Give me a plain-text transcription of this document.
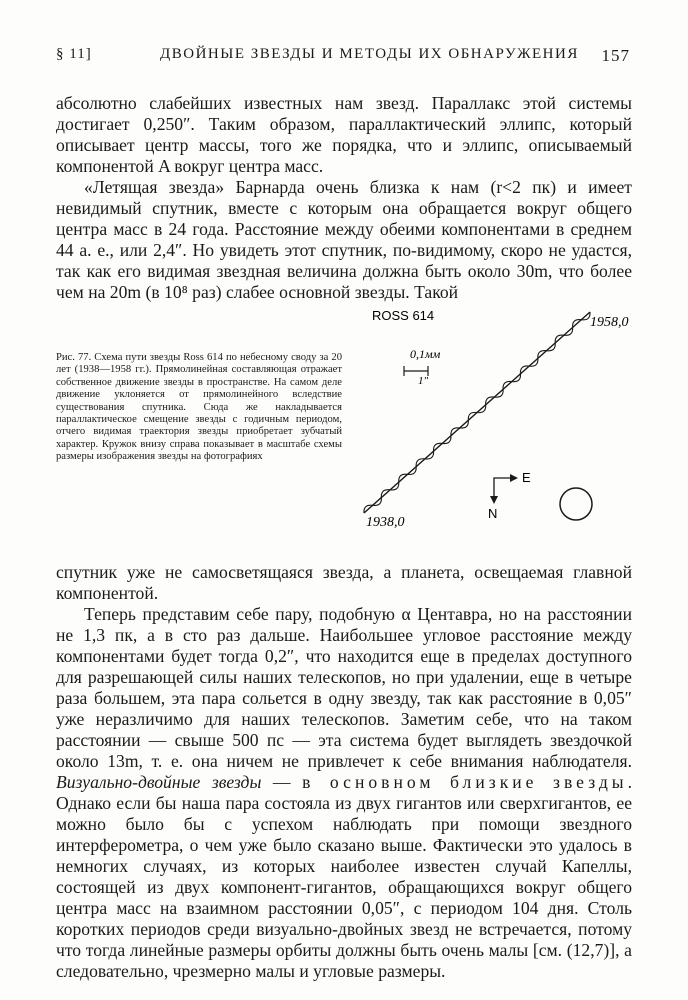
§ 11]	ДВОЙНЫЕ ЗВЕЗДЫ И МЕТОДЫ ИХ ОБНАРУЖЕНИЯ 157

абсолютно слабейших известных нам звезд. Параллакс этой системы достигает 0,250″. Таким образом, параллактический эллипс, который описывает центр массы, того же порядка, что и эллипс, описываемый компонентой A вокруг центра масс.

«Летящая звезда» Барнарда очень близка к нам (r<2 пк) и имеет невидимый спутник, вместе с которым она обращается вокруг общего центра масс в 24 года. Расстояние между обеими компонентами в среднем 44 а. е., или 2,4″. Но увидеть этот спутник, по-видимому, скоро не удастся, так как его видимая звездная величина должна быть около 30m, что более чем на 20m (в 10⁸ раз) слабее основной звезды. Такой

Рис. 77. Схема пути звезды Ross 614 по небесному своду за 20 лет (1938—1958 гг.). Прямолинейная составляющая отражает собственное движение звезды в пространстве. На самом деле движение уклоняется от прямолинейного вследствие существования спутника. Сюда же накладывается параллактическое смещение звезды с годичным периодом, отчего видимая траектория звезды приобретает зубчатый характер. Кружок внизу справа показывает в масштабе схемы размеры изображения звезды на фотографиях

ROSS 614
1938,0
1958,0
0,1мм
1″
E
N

спутник уже не самосветящаяся звезда, а планета, освещаемая главной компонентой.

Теперь представим себе пару, подобную α Центавра, но на расстоянии не 1,3 пк, а в сто раз дальше. Наибольшее угловое расстояние между компонентами будет тогда 0,2″, что находится еще в пределах доступного для разрешающей силы наших телескопов, но при удалении, еще в четыре раза большем, эта пара сольется в одну звезду, так как расстояние в 0,05″ уже неразличимо для наших телескопов. Заметим себе, что на таком расстоянии — свыше 500 пс — эта система будет выглядеть звездочкой около 13m, т. е. она ничем не привлечет к себе внимания наблюдателя. Визуально-двойные звезды — в основном близкие звезды. Однако если бы наша пара состояла из двух гигантов или сверхгигантов, ее можно было бы с успехом наблюдать при помощи звездного интерферометра, о чем уже было сказано выше. Фактически это удалось в немногих случаях, из которых наиболее известен случай Капеллы, состоящей из двух компонент-гигантов, обращающихся вокруг общего центра масс на взаимном расстоянии 0,05″, с периодом 104 дня. Столь коротких периодов среди визуально-двойных звезд не встречается, потому что тогда линейные размеры орбиты должны быть очень малы [см. (12,7)], а следовательно, чрезмерно малы и угловые размеры.
